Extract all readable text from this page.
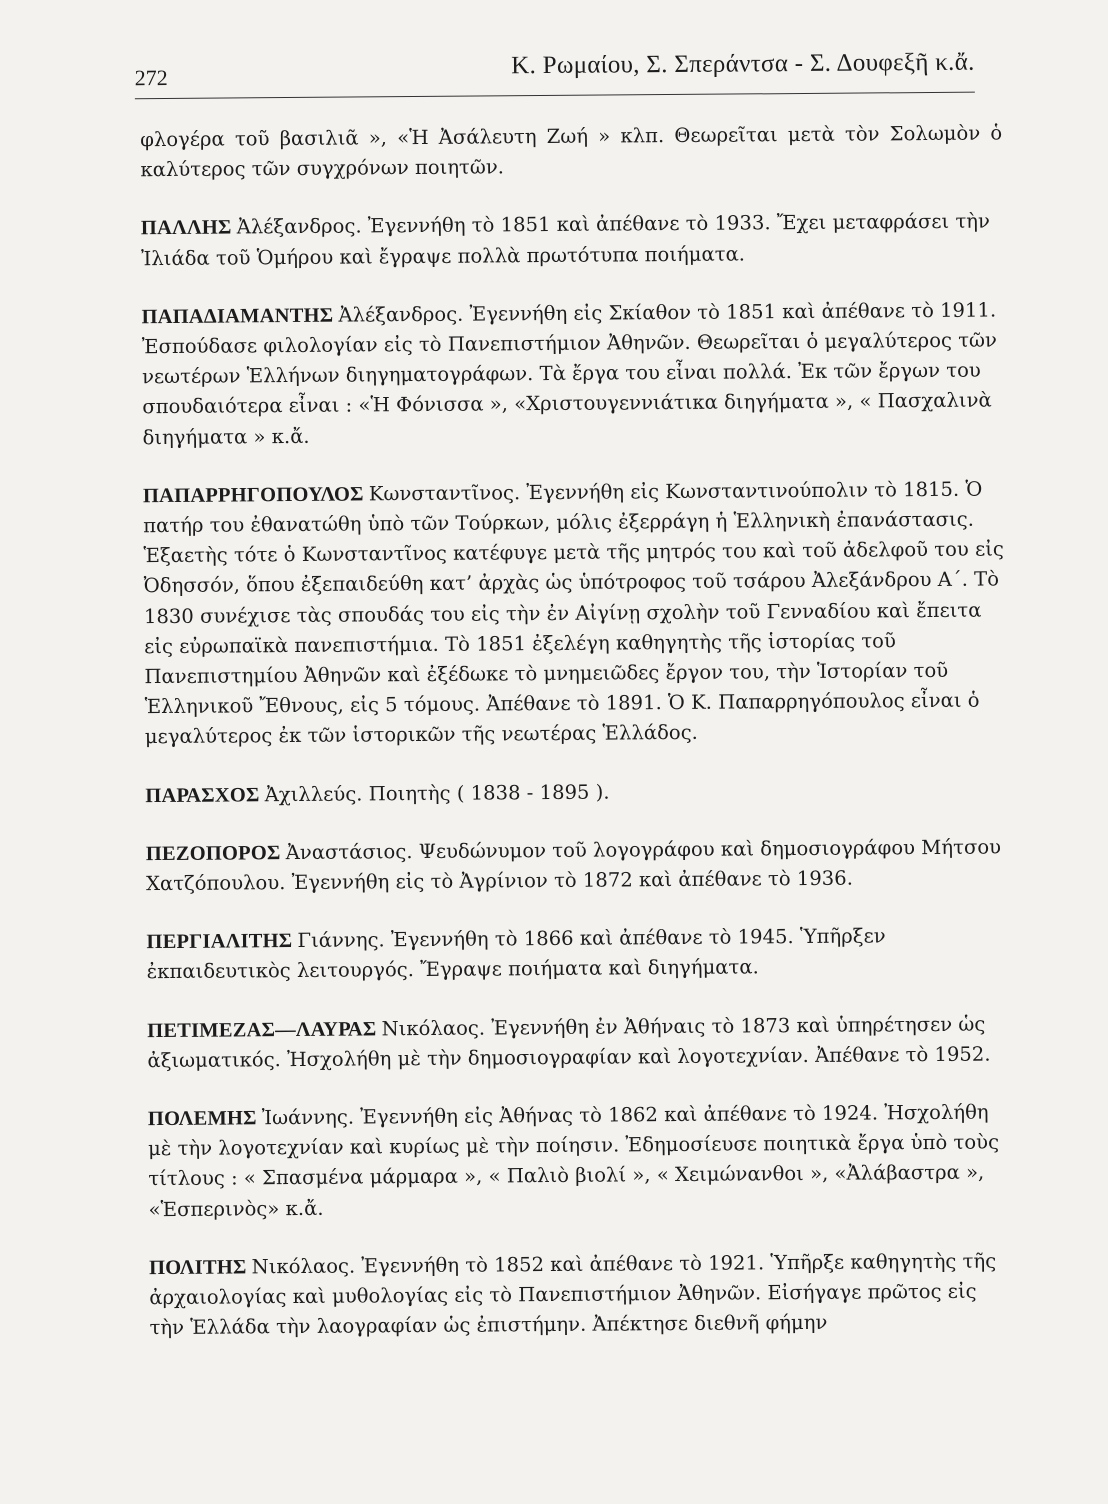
272	Κ. Ρωμαίου, Σ. Σπεράντσα - Σ. Δουφεξῆ κ.ἄ.

φλογέρα τοῦ βασιλιᾶ », «Ἡ Ἀσάλευτη Ζωή » κλπ. Θεωρεῖται μετὰ τὸν Σολωμὸν ὁ καλύτερος τῶν συγχρόνων ποιητῶν.

ΠΑΛΛΗΣ Ἀλέξανδρος. Ἐγεννήθη τὸ 1851 καὶ ἀπέθανε τὸ 1933. Ἔχει μεταφράσει τὴν Ἰλιάδα τοῦ Ὁμήρου καὶ ἔγραψε πολλὰ πρωτότυπα ποιήματα.

ΠΑΠΑΔΙΑΜΑΝΤΗΣ Ἀλέξανδρος. Ἐγεννήθη εἰς Σκίαθον τὸ 1851 καὶ ἀπέθανε τὸ 1911. Ἐσπούδασε φιλολογίαν εἰς τὸ Πανεπιστήμιον Ἀθηνῶν. Θεωρεῖται ὁ μεγαλύτερος τῶν νεωτέρων Ἑλλήνων διηγηματογράφων. Τὰ ἔργα του εἶναι πολλά. Ἐκ τῶν ἔργων του σπουδαιότερα εἶναι : «Ἡ Φόνισσα », «Χριστουγεννιάτικα διηγήματα », « Πασχαλινὰ διηγήματα » κ.ἄ.

ΠΑΠΑΡΡΗΓΟΠΟΥΛΟΣ Κωνσταντῖνος. Ἐγεννήθη εἰς Κωνσταντινούπολιν τὸ 1815. Ὁ πατήρ του ἐθανατώθη ὑπὸ τῶν Τούρκων, μόλις ἐξερράγη ἡ Ἑλληνικὴ ἐπανάστασις. Ἑξαετὴς τότε ὁ Κωνσταντῖνος κατέφυγε μετὰ τῆς μητρός του καὶ τοῦ ἀδελφοῦ του εἰς Ὀδησσόν, ὅπου ἐξεπαιδεύθη κατ’ ἀρχὰς ὡς ὑπότροφος τοῦ τσάρου Ἀλεξάνδρου Α΄. Τὸ 1830 συνέχισε τὰς σπουδάς του εἰς τὴν ἐν Αἰγίνῃ σχολὴν τοῦ Γενναδίου καὶ ἔπειτα εἰς εὐρωπαϊκὰ πανεπιστήμια. Τὸ 1851 ἐξελέγη καθηγητὴς τῆς ἱστορίας τοῦ Πανεπιστημίου Ἀθηνῶν καὶ ἐξέδωκε τὸ μνημειῶδες ἔργον του, τὴν Ἱστορίαν τοῦ Ἑλληνικοῦ Ἔθνους, εἰς 5 τόμους. Ἀπέθανε τὸ 1891. Ὁ Κ. Παπαρρηγόπουλος εἶναι ὁ μεγαλύτερος ἐκ τῶν ἱστορικῶν τῆς νεωτέρας Ἑλλάδος.

ΠΑΡΑΣΧΟΣ Ἀχιλλεύς. Ποιητὴς ( 1838 - 1895 ).

ΠΕΖΟΠΟΡΟΣ Ἀναστάσιος. Ψευδώνυμον τοῦ λογογράφου καὶ δημοσιογράφου Μήτσου Χατζόπουλου. Ἐγεννήθη εἰς τὸ Ἀγρίνιον τὸ 1872 καὶ ἀπέθανε τὸ 1936.

ΠΕΡΓΙΑΛΙΤΗΣ Γιάννης. Ἐγεννήθη τὸ 1866 καὶ ἀπέθανε τὸ 1945. Ὑπῆρξεν ἐκπαιδευτικὸς λειτουργός. Ἔγραψε ποιήματα καὶ διηγήματα.

ΠΕΤΙΜΕΖΑΣ—ΛΑΥΡΑΣ Νικόλαος. Ἐγεννήθη ἐν Ἀθήναις τὸ 1873 καὶ ὑπηρέτησεν ὡς ἀξιωματικός. Ἠσχολήθη μὲ τὴν δημοσιογραφίαν καὶ λογοτεχνίαν. Ἀπέθανε τὸ 1952.

ΠΟΛΕΜΗΣ Ἰωάννης. Ἐγεννήθη εἰς Ἀθήνας τὸ 1862 καὶ ἀπέθανε τὸ 1924. Ἠσχολήθη μὲ τὴν λογοτεχνίαν καὶ κυρίως μὲ τὴν ποίησιν. Ἐδημοσίευσε ποιητικὰ ἔργα ὑπὸ τοὺς τίτλους : « Σπασμένα μάρμαρα », « Παλιὸ βιολί », « Χειμώνανθοι », «Ἀλάβαστρα », «Ἑσπερινὸς» κ.ἄ.

ΠΟΛΙΤΗΣ Νικόλαος. Ἐγεννήθη τὸ 1852 καὶ ἀπέθανε τὸ 1921. Ὑπῆρξε καθηγητὴς τῆς ἀρχαιολογίας καὶ μυθολογίας εἰς τὸ Πανεπιστήμιον Ἀθηνῶν. Εἰσήγαγε πρῶτος εἰς τὴν Ἑλλάδα τὴν λαογραφίαν ὡς ἐπιστήμην. Ἀπέκτησε διεθνῆ φήμην
